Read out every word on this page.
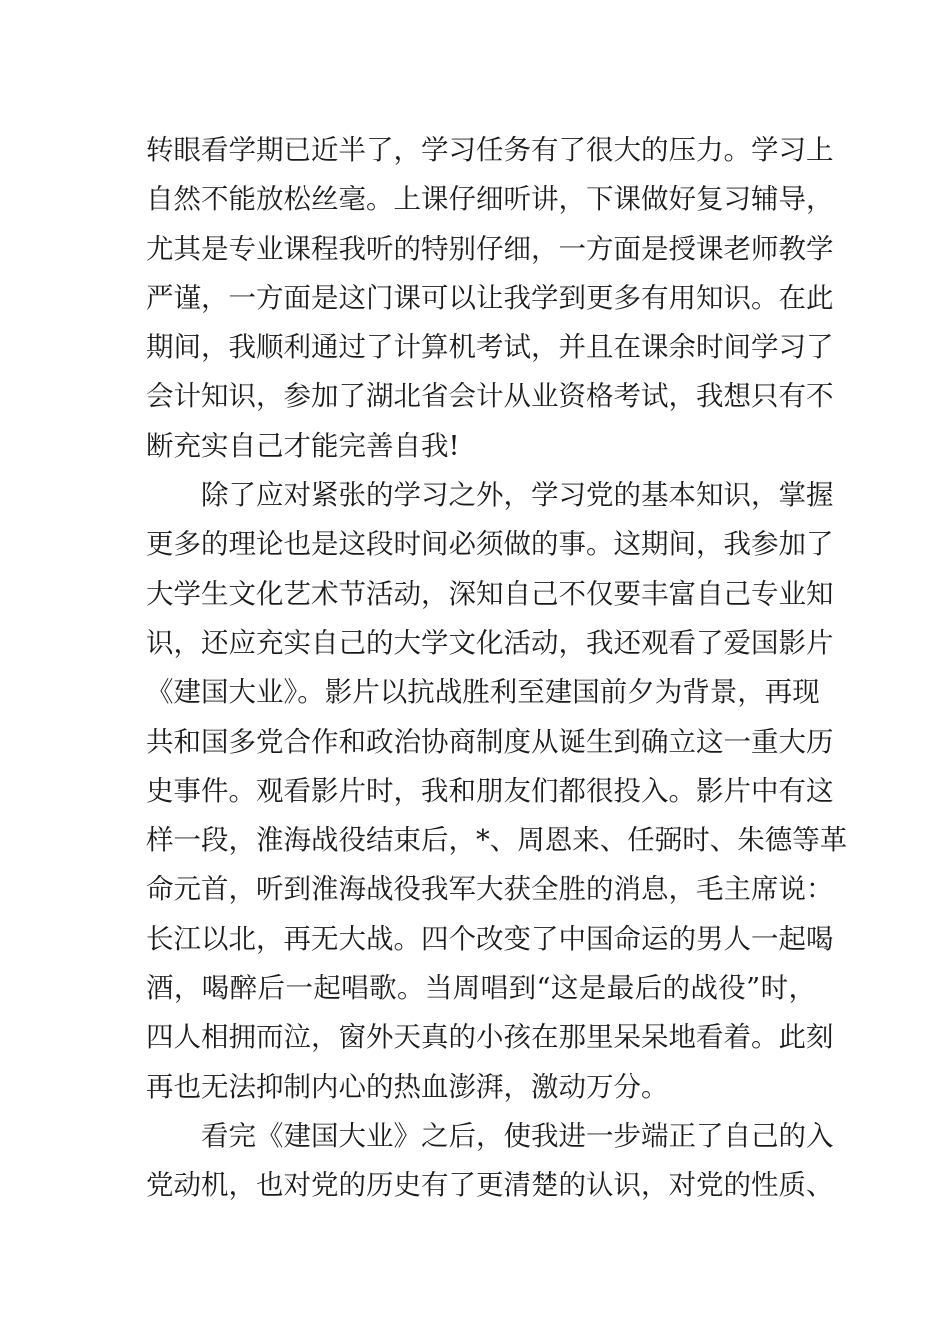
转眼看学期已近半了，学习任务有了很大的压力。学习上
自然不能放松丝毫。上课仔细听讲，下课做好复习辅导，
尤其是专业课程我听的特别仔细，一方面是授课老师教学
严谨，一方面是这门课可以让我学到更多有用知识。在此
期间，我顺利通过了计算机考试，并且在课余时间学习了
会计知识，参加了湖北省会计从业资格考试，我想只有不
断充实自己才能完善自我!
除了应对紧张的学习之外，学习党的基本知识，掌握
更多的理论也是这段时间必须做的事。这期间，我参加了
大学生文化艺术节活动，深知自己不仅要丰富自己专业知
识，还应充实自己的大学文化活动，我还观看了爱国影片
《建国大业》。影片以抗战胜利至建国前夕为背景，再现
共和国多党合作和政治协商制度从诞生到确立这一重大历
史事件。观看影片时，我和朋友们都很投入。影片中有这
样一段，淮海战役结束后，*、周恩来、任弼时、朱德等革
命元首，听到淮海战役我军大获全胜的消息，毛主席说：
长江以北，再无大战。四个改变了中国命运的男人一起喝
酒，喝醉后一起唱歌。当周唱到“这是最后的战役”时，
四人相拥而泣，窗外天真的小孩在那里呆呆地看着。此刻
再也无法抑制内心的热血澎湃，激动万分。
看完《建国大业》之后，使我进一步端正了自己的入
党动机，也对党的历史有了更清楚的认识，对党的性质、
